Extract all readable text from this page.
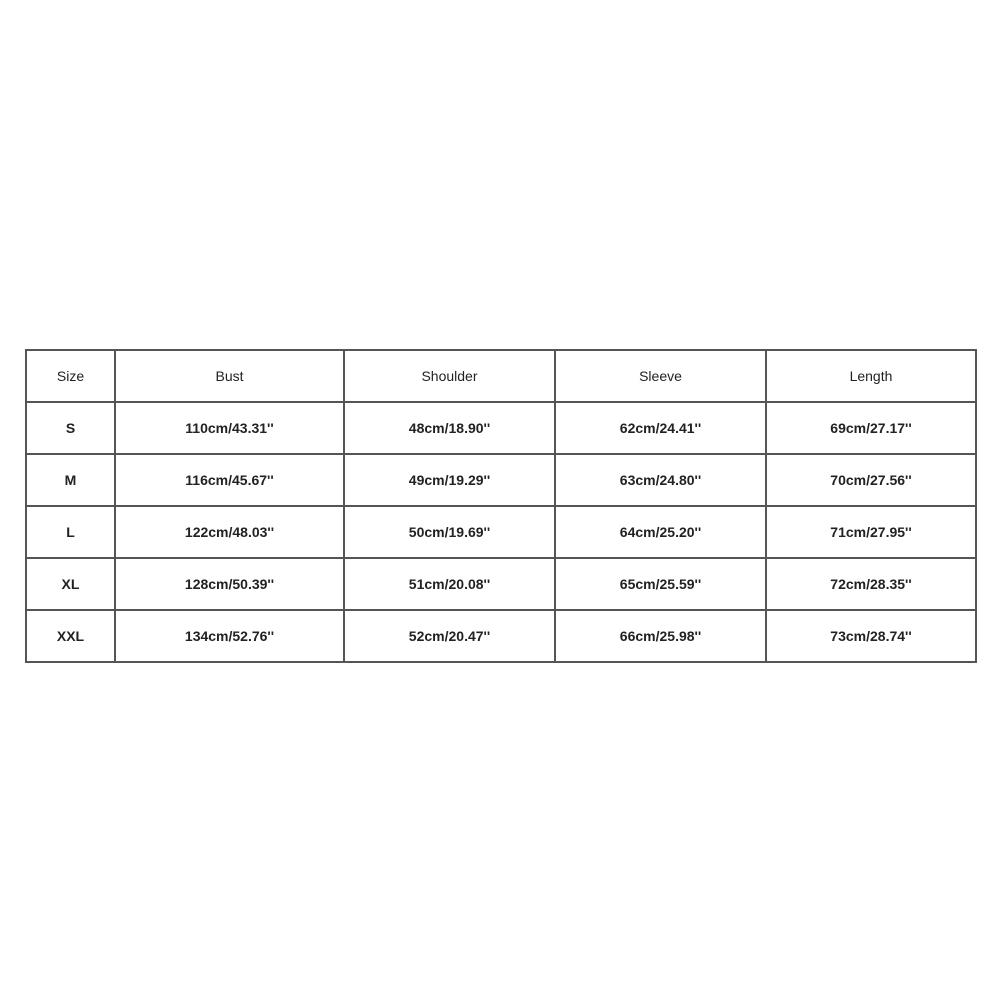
Size	Bust	Shoulder	Sleeve	Length
S	110cm/43.31''	48cm/18.90''	62cm/24.41''	69cm/27.17''
M	116cm/45.67''	49cm/19.29''	63cm/24.80''	70cm/27.56''
L	122cm/48.03''	50cm/19.69''	64cm/25.20''	71cm/27.95''
XL	128cm/50.39''	51cm/20.08''	65cm/25.59''	72cm/28.35''
XXL	134cm/52.76''	52cm/20.47''	66cm/25.98''	73cm/28.74''
